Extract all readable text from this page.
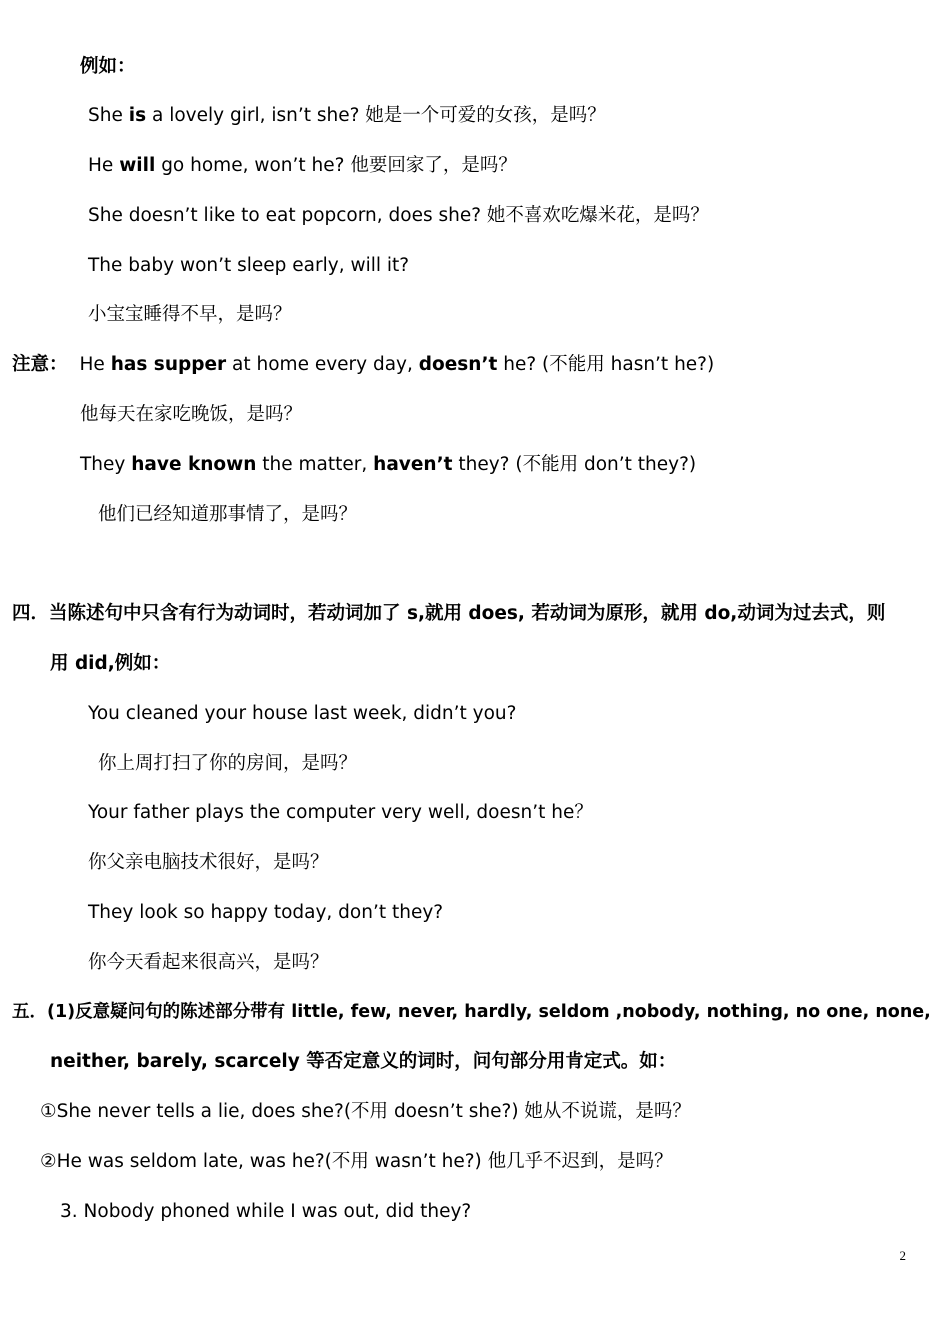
例如：
She is a lovely girl, isn’t she? 她是一个可爱的女孩，是吗？
He will go home, won’t he? 他要回家了，是吗？
She doesn’t like to eat popcorn, does she? 她不喜欢吃爆米花，是吗？
The baby won’t sleep early, will it?
小宝宝睡得不早，是吗？
注意： He has supper at home every day, doesn’t he? (不能用 hasn’t he?)
他每天在家吃晚饭，是吗？
They have known the matter, haven’t they? (不能用 don’t they?)
他们已经知道那事情了，是吗？
四．当陈述句中只含有行为动词时，若动词加了 s,就用 does, 若动词为原形，就用 do,动词为过去式，则
用 did,例如：
You cleaned your house last week, didn’t you?
你上周打扫了你的房间，是吗？
Your father plays the computer very well, doesn’t he？
你父亲电脑技术很好，是吗？
They look so happy today, don’t they?
你今天看起来很高兴，是吗？
五．(1)反意疑问句的陈述部分带有 little, few, never, hardly, seldom ,nobody, nothing, no one, none,
neither, barely, scarcely 等否定意义的词时，问句部分用肯定式。如：
①She never tells a lie, does she?(不用 doesn’t she?) 她从不说谎，是吗？
②He was seldom late, was he?(不用 wasn’t he?) 他几乎不迟到，是吗？
3. Nobody phoned while I was out, did they?
2
